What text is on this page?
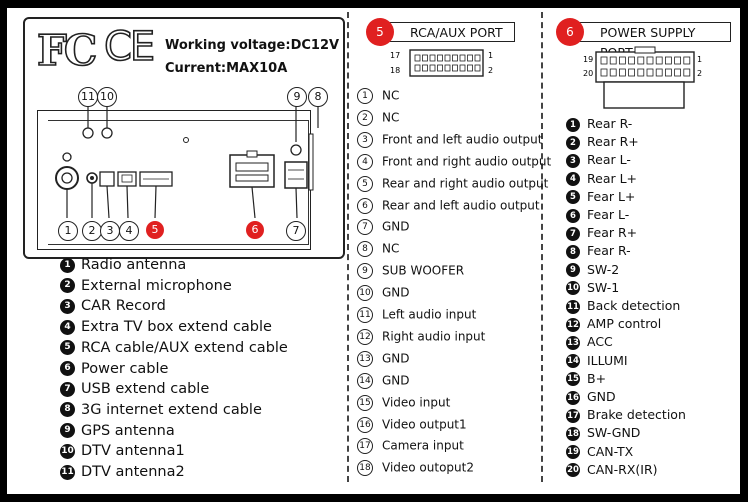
FC CE Working voltage:DC12V
Current:MAX10A
11 10	9	8
1	2	3	4	5	6	7
1 Radio antenna
2 External microphone
3 CAR Record
4 Extra TV box extend cable
5 RCA cable/AUX extend cable
6 Power cable
7 USB extend cable
8 3G internet extend cable
9 GPS antenna
10 DTV antenna1
11 DTV antenna2
5	RCA/AUX PORT
17	1
18	2
1 NC
2 NC
3 Front and left audio output
4 Front and right audio output
5 Rear and right audio output
6 Rear and left audio output
7 GND
8 NC
9 SUB WOOFER
10 GND
11 Left audio input
12 Right audio input
13 GND
14 GND
15 Video input
16 Video output1
17 Camera input
18 Video outoput2
6	POWER SUPPLY
19	1
20	2
1 Rear R-
2 Rear R+
3 Rear L-
4 Rear L+
5 Fear L+
6 Fear L-
7 Fear R+
8 Fear R-
9 SW-2
10 SW-1
11 Back detection
12 AMP control
13 ACC
14 ILLUMI
15 B+
16 GND
17 Brake detection
18 SW-GND
19 CAN-TX
20 CAN-RX(IR)
